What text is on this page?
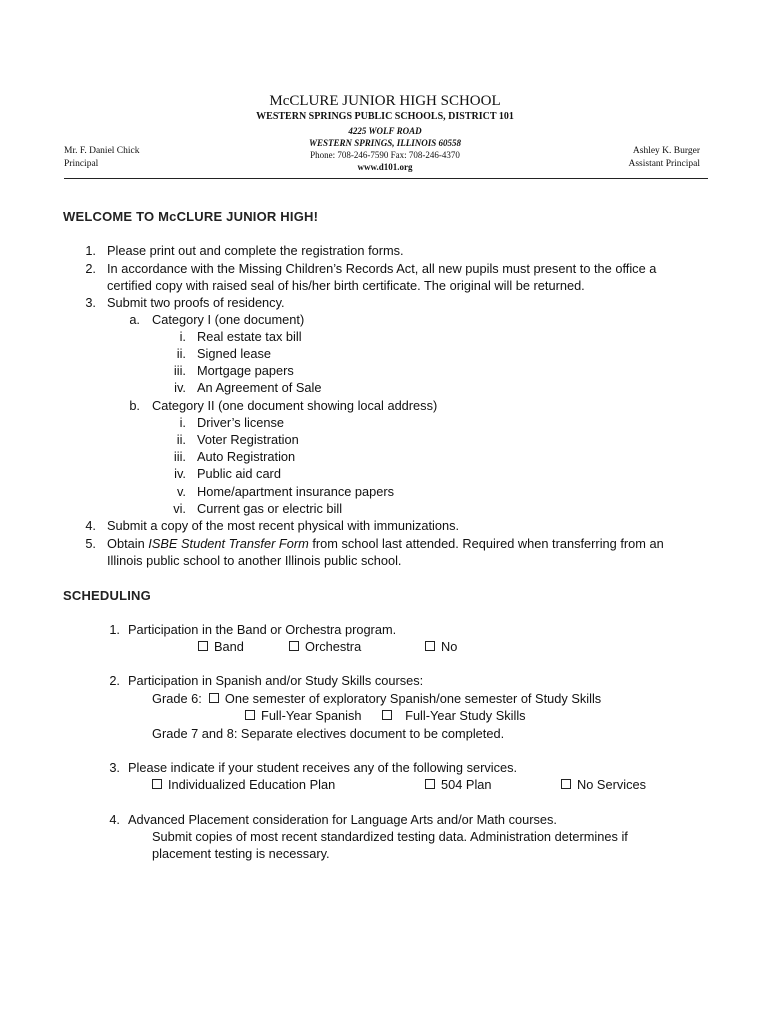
McCLURE JUNIOR HIGH SCHOOL
WESTERN SPRINGS PUBLIC SCHOOLS, DISTRICT 101
4225 WOLF ROAD
WESTERN SPRINGS, ILLINOIS 60558
Phone: 708-246-7590 Fax: 708-246-4370
www.d101.org
Mr. F. Daniel Chick
Principal
Ashley K. Burger
Assistant Principal
WELCOME TO McCLURE JUNIOR HIGH!
1. Please print out and complete the registration forms.
2. In accordance with the Missing Children’s Records Act, all new pupils must present to the office a
certified copy with raised seal of his/her birth certificate. The original will be returned.
3. Submit two proofs of residency.
a. Category I (one document)
i. Real estate tax bill
ii. Signed lease
iii. Mortgage papers
iv. An Agreement of Sale
b. Category II (one document showing local address)
i. Driver’s license
ii. Voter Registration
iii. Auto Registration
iv. Public aid card
v. Home/apartment insurance papers
vi. Current gas or electric bill
4. Submit a copy of the most recent physical with immunizations.
5. Obtain ISBE Student Transfer Form from school last attended. Required when transferring from an
Illinois public school to another Illinois public school.
SCHEDULING
1. Participation in the Band or Orchestra program.
Band	Orchestra	No
2. Participation in Spanish and/or Study Skills courses:
Grade 6: One semester of exploratory Spanish/one semester of Study Skills
Full-Year Spanish	Full-Year Study Skills
Grade 7 and 8: Separate electives document to be completed.
3. Please indicate if your student receives any of the following services.
Individualized Education Plan	504 Plan	No Services
4. Advanced Placement consideration for Language Arts and/or Math courses.
Submit copies of most recent standardized testing data. Administration determines if
placement testing is necessary.
